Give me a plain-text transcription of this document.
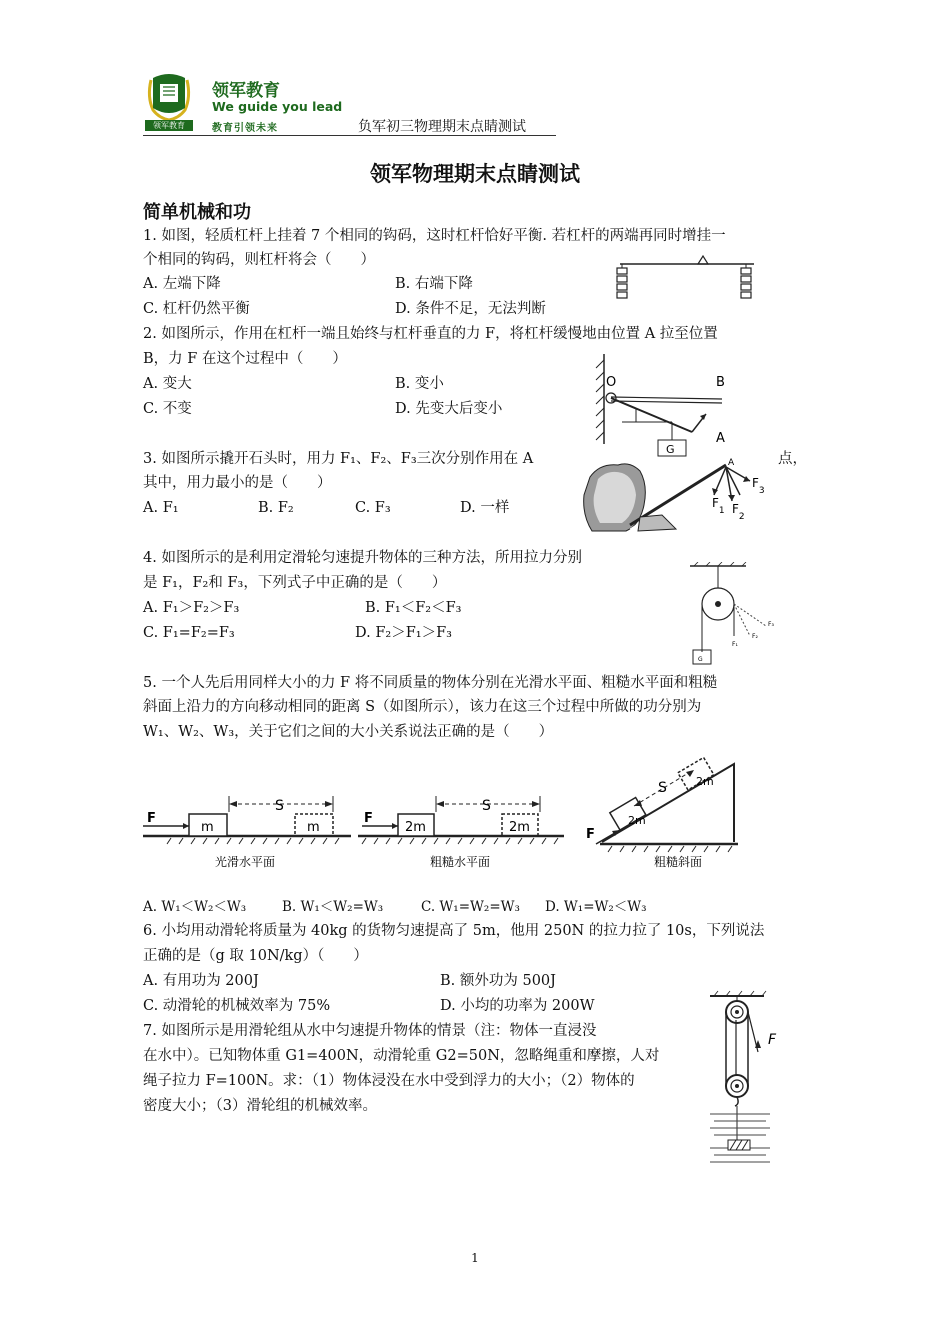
领军教育
领军教育
We guide you lead
教育引领未来	负军初三物理期末点睛测试
领军物理期末点睛测试
简单机械和功
1. 如图，轻质杠杆上挂着 7 个相同的钩码，这时杠杆恰好平衡. 若杠杆的两端再同时增挂一
个相同的钩码，则杠杆将会（　　）
A. 左端下降	B. 右端下降
C. 杠杆仍然平衡	D. 条件不足，无法判断
2. 如图所示，作用在杠杆一端且始终与杠杆垂直的力 F，将杠杆缓慢地由位置 A 拉至位置
B，力 F 在这个过程中（　　）
A. 变大	B. 变小
C. 不变	D. 先变大后变小
O	B
A
G
3. 如图所示撬开石头时，用力 F₁、F₂、F₃三次分别作用在 A	点，
其中，用力最小的是（　　）
A. F₁	B. F₂	C. F₃	D. 一样
A
$F_1$ $F_2$
$F_3$
4. 如图所示的是利用定滑轮匀速提升物体的三种方法，所用拉力分别
是 F₁，F₂和 F₃，下列式子中正确的是（　　）
A. F₁＞F₂＞F₃	B. F₁＜F₂＜F₃
C. F₁=F₂=F₃	D. F₂＞F₁＞F₃
G
F₁
F₂
F₃
5. 一个人先后用同样大小的力 F 将不同质量的物体分别在光滑水平面、粗糙水平面和粗糙
斜面上沿力的方向移动相同的距离 S（如图所示），该力在这三个过程中所做的功分别为
W₁、W₂、W₃，关于它们之间的大小关系说法正确的是（　　）
F
S
m	m
光滑水平面
F
S
2m	2m
粗糙水平面
F
S
2m
2m
粗糙斜面
A. W₁＜W₂＜W₃	B. W₁＜W₂=W₃	C. W₁=W₂=W₃ D. W₁=W₂＜W₃
6. 小均用动滑轮将质量为 40kg 的货物匀速提高了 5m，他用 250N 的拉力拉了 10s，下列说法
正确的是（g 取 10N/kg）（　　）
A. 有用功为 200J	B. 额外功为 500J
C. 动滑轮的机械效率为 75%	D. 小均的功率为 200W
7. 如图所示是用滑轮组从水中匀速提升物体的情景（注：物体一直浸没
在水中）。已知物体重 G1=400N，动滑轮重 G2=50N，忽略绳重和摩擦，人对
绳子拉力 F=100N。求：（1）物体浸没在水中受到浮力的大小；（2）物体的
密度大小；（3）滑轮组的机械效率。
F
1
